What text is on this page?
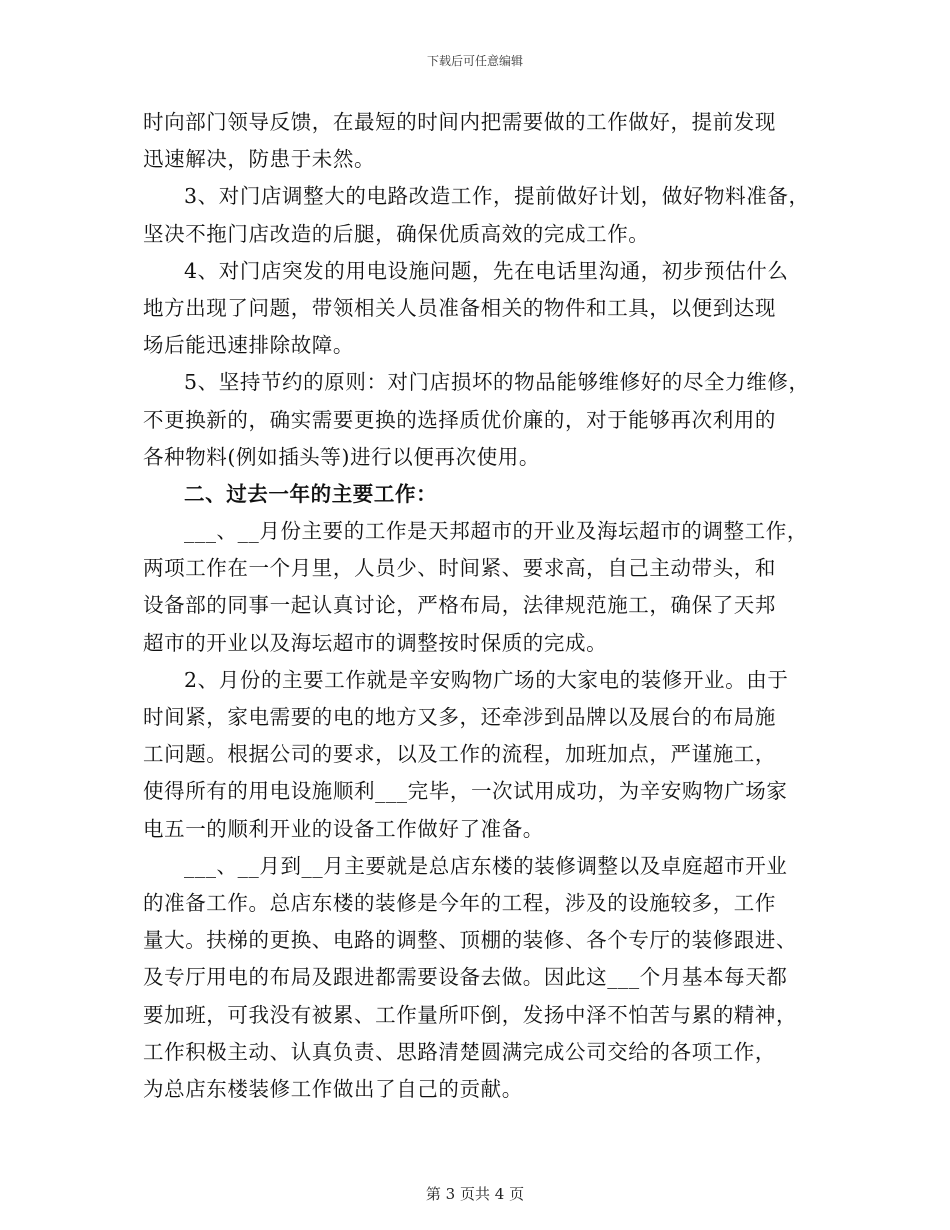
下载后可任意编辑
时向部门领导反馈，在最短的时间内把需要做的工作做好，提前发现
迅速解决，防患于未然。
3、对门店调整大的电路改造工作，提前做好计划，做好物料准备，
坚决不拖门店改造的后腿，确保优质高效的完成工作。
4、对门店突发的用电设施问题，先在电话里沟通，初步预估什么
地方出现了问题，带领相关人员准备相关的物件和工具，以便到达现
场后能迅速排除故障。
5、坚持节约的原则：对门店损坏的物品能够维修好的尽全力维修，
不更换新的，确实需要更换的选择质优价廉的，对于能够再次利用的
各种物料(例如插头等)进行以便再次使用。
二、过去一年的主要工作：
___、__月份主要的工作是天邦超市的开业及海坛超市的调整工作，
两项工作在一个月里，人员少、时间紧、要求高，自己主动带头，和
设备部的同事一起认真讨论，严格布局，法律规范施工，确保了天邦
超市的开业以及海坛超市的调整按时保质的完成。
2、月份的主要工作就是辛安购物广场的大家电的装修开业。由于
时间紧，家电需要的电的地方又多，还牵涉到品牌以及展台的布局施
工问题。根据公司的要求，以及工作的流程，加班加点，严谨施工，
使得所有的用电设施顺利___完毕，一次试用成功，为辛安购物广场家
电五一的顺利开业的设备工作做好了准备。
___、__月到__月主要就是总店东楼的装修调整以及卓庭超市开业
的准备工作。总店东楼的装修是今年的工程，涉及的设施较多，工作
量大。扶梯的更换、电路的调整、顶棚的装修、各个专厅的装修跟进、
及专厅用电的布局及跟进都需要设备去做。因此这___个月基本每天都
要加班，可我没有被累、工作量所吓倒，发扬中泽不怕苦与累的精神，
工作积极主动、认真负责、思路清楚圆满完成公司交给的各项工作，
为总店东楼装修工作做出了自己的贡献。
第 3 页共 4 页
